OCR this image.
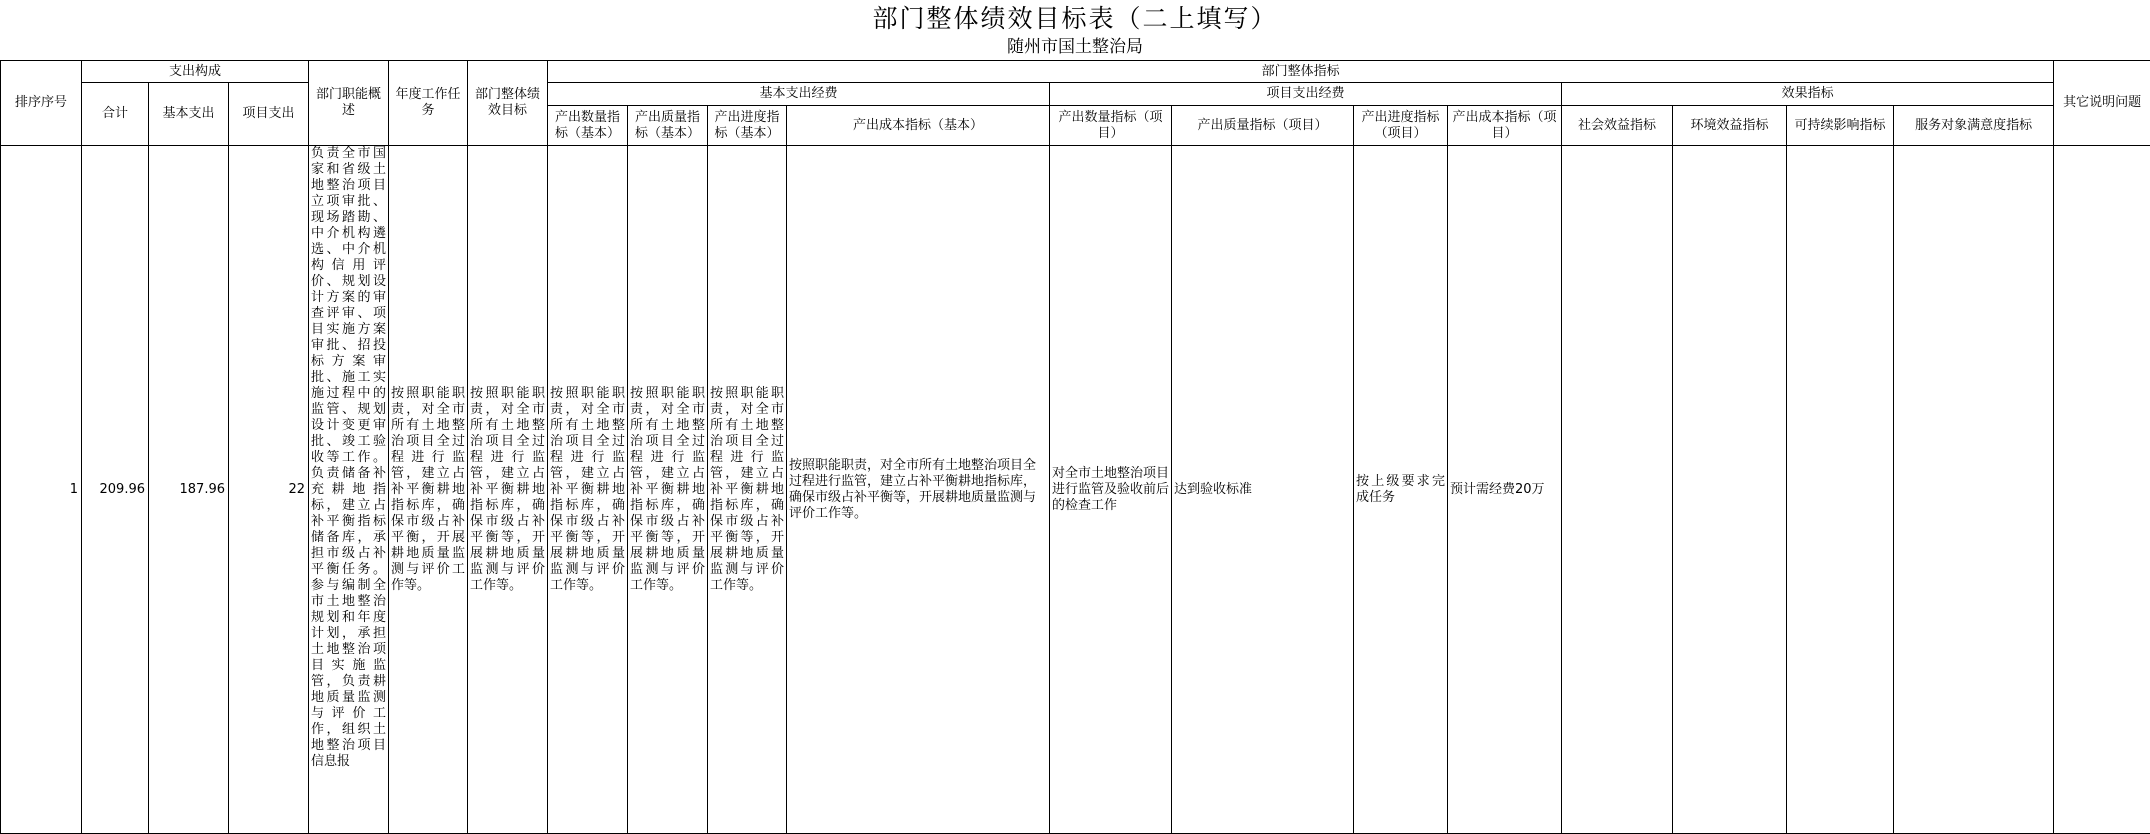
部门整体绩效目标表（二上填写）
随州市国土整治局
排序序号	支出构成			部门职能概述	年度工作任务	部门整体绩效目标	部门整体指标												其它说明问题
	合计	基本支出	项目支出				基本支出经费				项目支出经费				效果指标				
							产出数量指标（基本）	产出质量指标（基本）	产出进度指标（基本）	产出成本指标（基本）	产出数量指标（项目）	产出质量指标（项目）	产出进度指标（项目）	产出成本指标（项目）	社会效益指标	环境效益指标	可持续影响指标	服务对象满意度指标	
1	209.96	187.96	22	负责全市国家和省级土地整治项目立项审批、现场踏勘、中介机构遴选、中介机构信用评价、规划设计方案的审查评审、项目实施方案审批、招投标方案审批、施工实施过程中的监管、规划设计变更审批、竣工验收等工作。负责储备补充耕地指标，建立占补平衡指标储备库，承担市级占补平衡任务。参与编制全市土地整治规划和年度计划，承担土地整治项目实施监管，负责耕地质量监测与评价工作，组织土地整治项目信息报	按照职能职责，对全市所有土地整治项目全过程进行监管，建立占补平衡耕地指标库，确保市级占补平衡，开展耕地质量监测与评价工作等。	按照职能职责，对全市所有土地整治项目全过程进行监管，建立占补平衡耕地指标库，确保市级占补平衡等，开展耕地质量监测与评价工作等。	按照职能职责，对全市所有土地整治项目全过程进行监管，建立占补平衡耕地指标库，确保市级占补平衡等，开展耕地质量监测与评价工作等。	按照职能职责，对全市所有土地整治项目全过程进行监管，建立占补平衡耕地指标库，确保市级占补平衡等，开展耕地质量监测与评价工作等。	按照职能职责，对全市所有土地整治项目全过程进行监管，建立占补平衡耕地指标库，确保市级占补平衡等，开展耕地质量监测与评价工作等。	按照职能职责，对全市所有土地整治项目全过程进行监管，建立占补平衡耕地指标库，确保市级占补平衡等，开展耕地质量监测与评价工作等。	对全市土地整治项目进行监管及验收前后的检查工作	达到验收标准	按上级要求完成任务	预计需经费20万					
